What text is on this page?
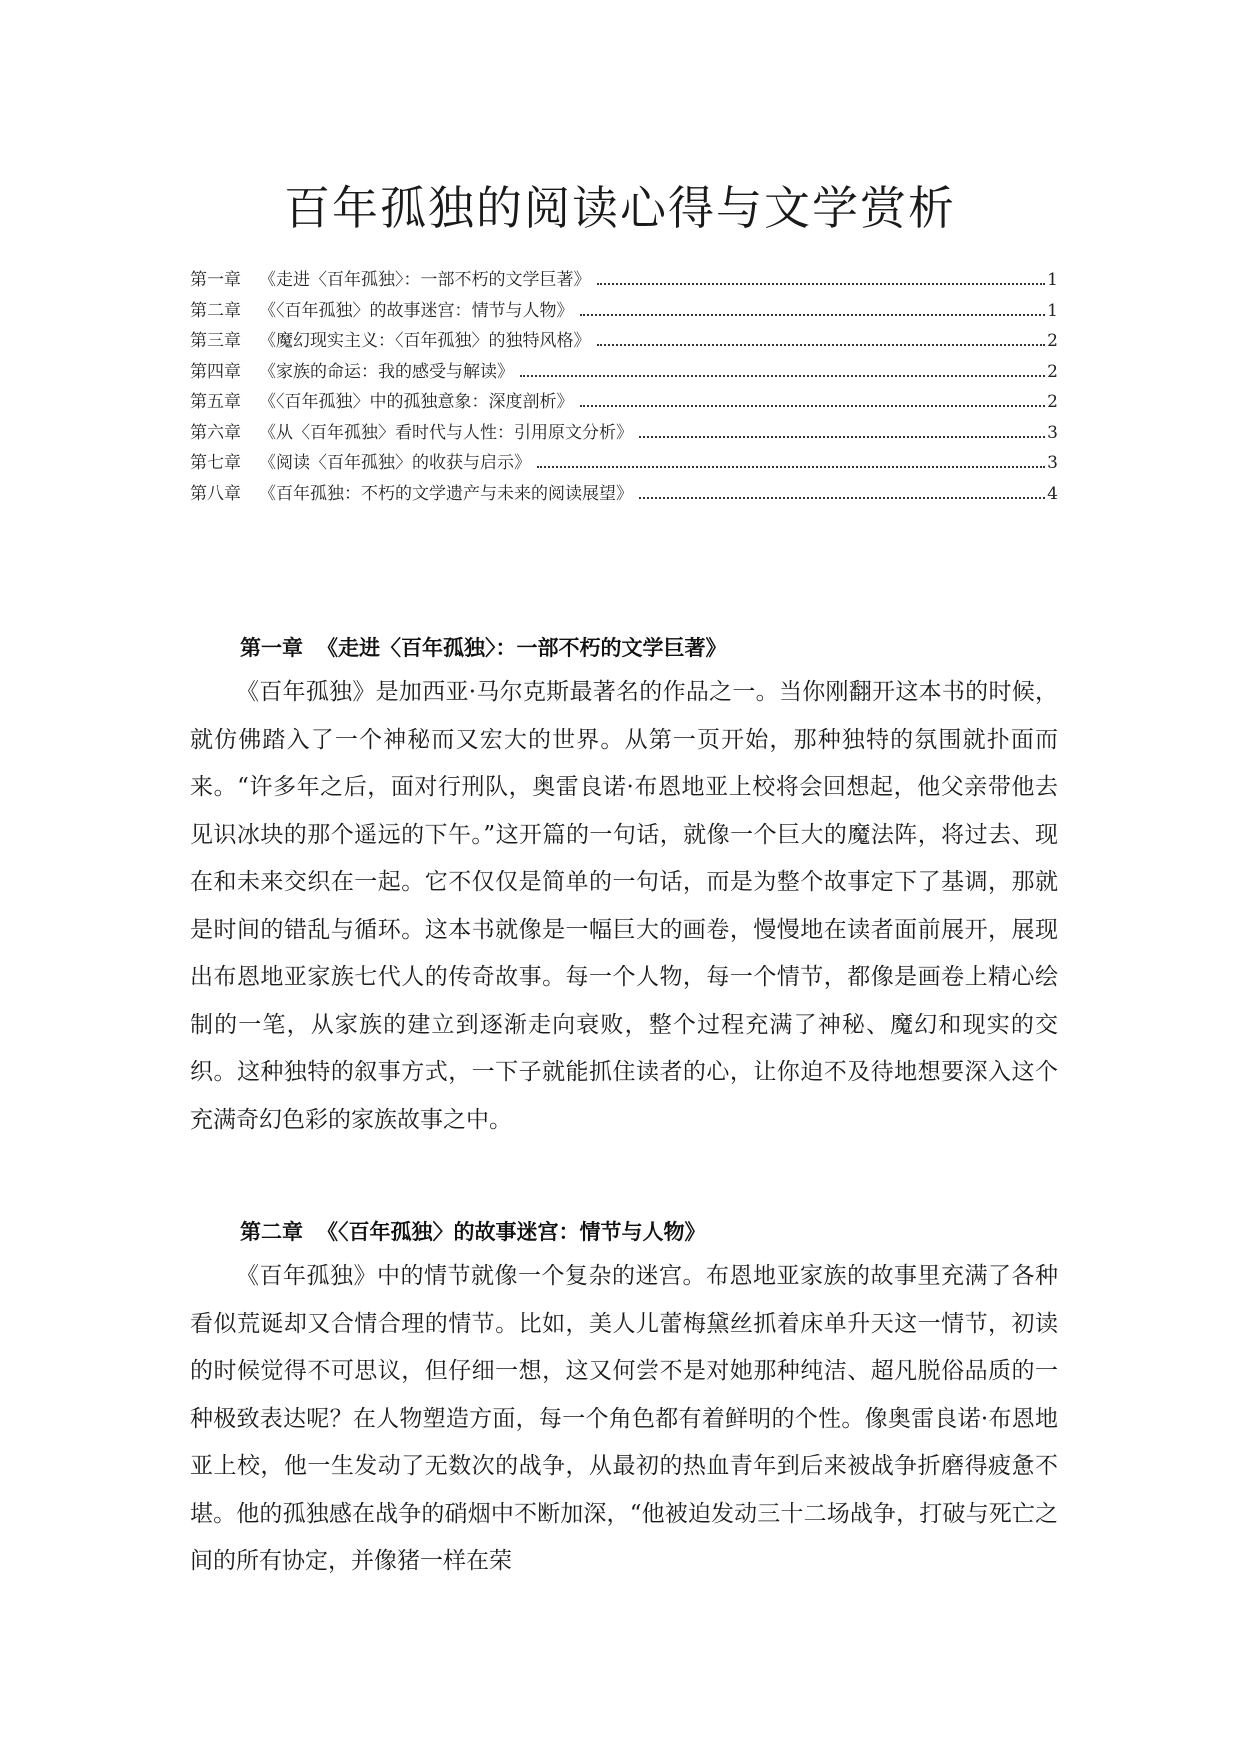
百年孤独的阅读心得与文学赏析
第一章 《走进〈百年孤独〉：一部不朽的文学巨著》	1
第二章 《〈百年孤独〉的故事迷宫：情节与人物》	1
第三章 《魔幻现实主义：〈百年孤独〉的独特风格》	2
第四章 《家族的命运：我的感受与解读》	2
第五章 《〈百年孤独〉中的孤独意象：深度剖析》	2
第六章 《从〈百年孤独〉看时代与人性：引用原文分析》	3
第七章 《阅读〈百年孤独〉的收获与启示》	3
第八章 《百年孤独：不朽的文学遗产与未来的阅读展望》	4
第一章 《走进〈百年孤独〉：一部不朽的文学巨著》

《百年孤独》是加西亚·马尔克斯最著名的作品之一。当你刚翻开这本书的时候，就仿佛踏入了一个神秘而又宏大的世界。从第一页开始，那种独特的氛围就扑面而来。“许多年之后，面对行刑队，奥雷良诺·布恩地亚上校将会回想起，他父亲带他去见识冰块的那个遥远的下午。”这开篇的一句话，就像一个巨大的魔法阵，将过去、现在和未来交织在一起。它不仅仅是简单的一句话，而是为整个故事定下了基调，那就是时间的错乱与循环。这本书就像是一幅巨大的画卷，慢慢地在读者面前展开，展现出布恩地亚家族七代人的传奇故事。每一个人物，每一个情节，都像是画卷上精心绘制的一笔，从家族的建立到逐渐走向衰败，整个过程充满了神秘、魔幻和现实的交织。这种独特的叙事方式，一下子就能抓住读者的心，让你迫不及待地想要深入这个充满奇幻色彩的家族故事之中。

第二章 《〈百年孤独〉的故事迷宫：情节与人物》

《百年孤独》中的情节就像一个复杂的迷宫。布恩地亚家族的故事里充满了各种看似荒诞却又合情合理的情节。比如，美人儿蕾梅黛丝抓着床单升天这一情节，初读的时候觉得不可思议，但仔细一想，这又何尝不是对她那种纯洁、超凡脱俗品质的一种极致表达呢？在人物塑造方面，每一个角色都有着鲜明的个性。像奥雷良诺·布恩地亚上校，他一生发动了无数次的战争，从最初的热血青年到后来被战争折磨得疲惫不堪。他的孤独感在战争的硝烟中不断加深，“他被迫发动三十二场战争，打破与死亡之间的所有协定，并像猪一样在荣
